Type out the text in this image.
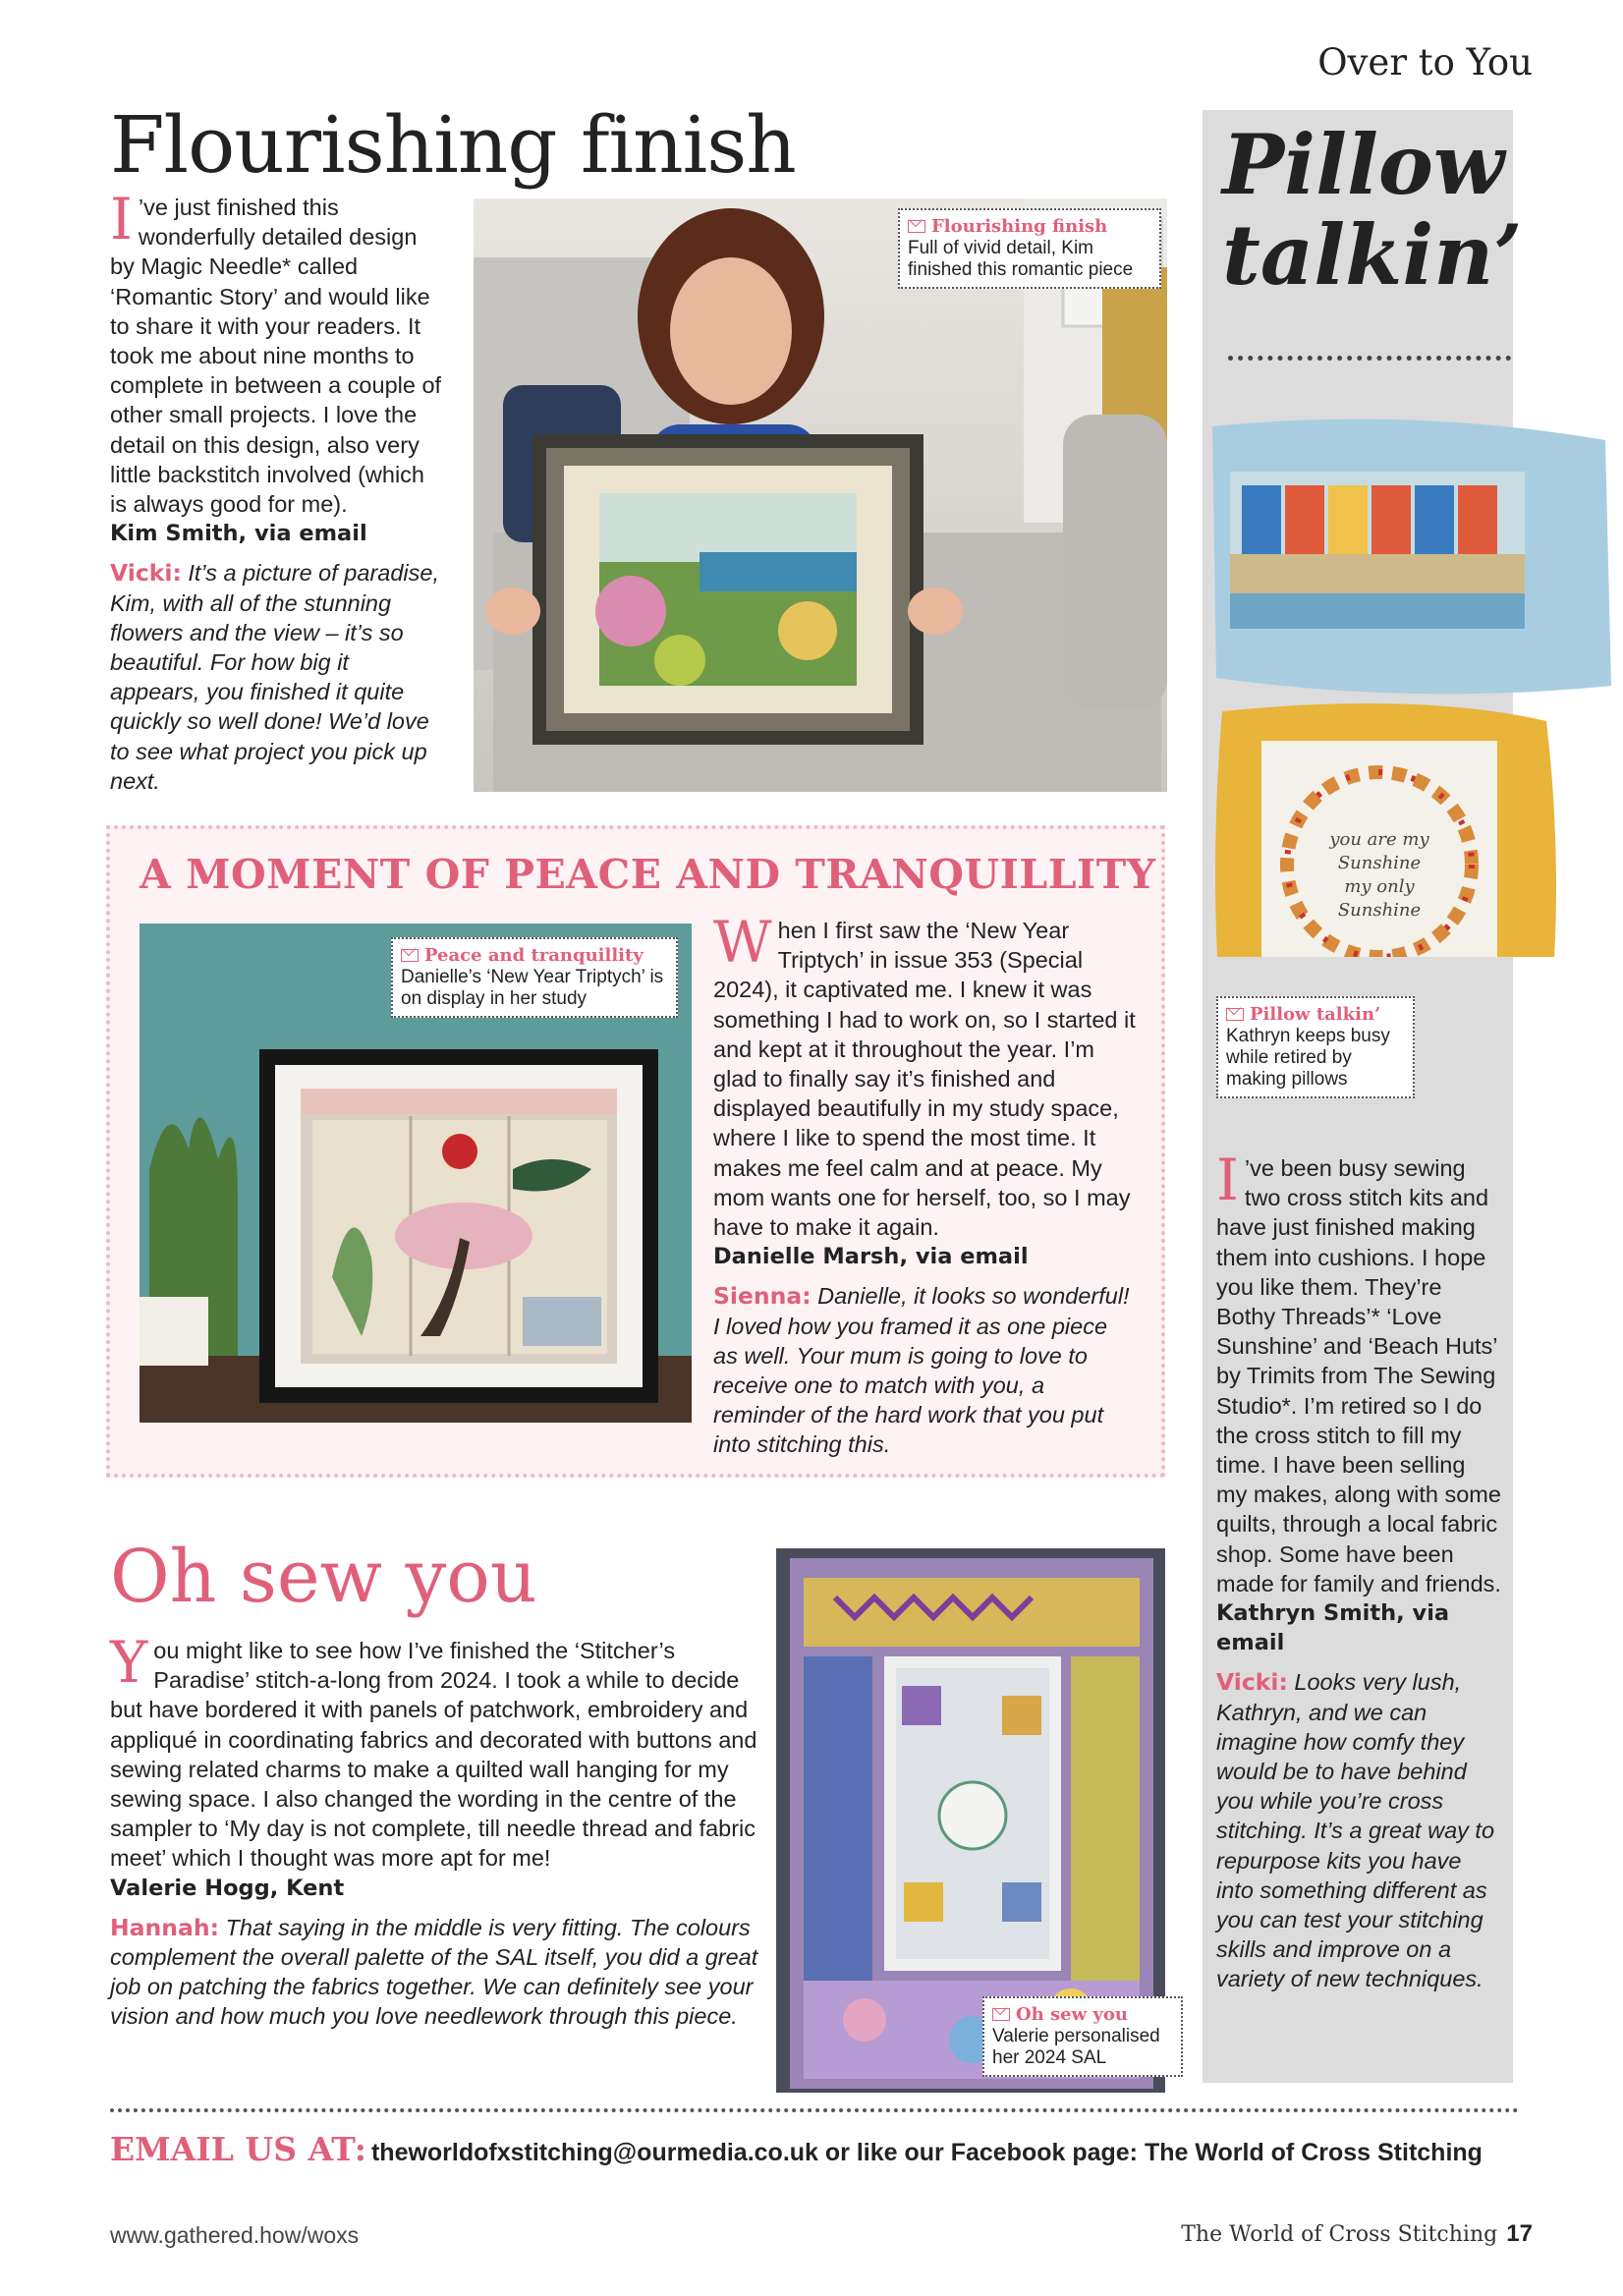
Over to You
Flourishing finish

I ’ve just finished this wonderfully detailed design by Magic Needle* called ‘Romantic Story’ and would like to share it with your readers. It took me about nine months to complete in between a couple of other small projects. I love the detail on this design, also very little backstitch involved (which is always good for me).

Kim Smith, via email

Vicki: It’s a picture of paradise, Kim, with all of the stunning flowers and the view – it’s so beautiful. For how big it appears, you finished it quite quickly so well done! We’d love to see what project you pick up next.

Flourishing finish
Full of vivid detail, Kim finished this romantic piece
A MOMENT OF PEACE AND TRANQUILLITY
Peace and tranquillity
Danielle’s ‘New Year Triptych’ is on display in her study

When I first saw the ‘New Year Triptych’ in issue 353 (Special 2024), it captivated me. I knew it was something I had to work on, so I started it and kept at it throughout the year. I’m glad to finally say it’s finished and displayed beautifully in my study space, where I like to spend the most time. It makes me feel calm and at peace. My mom wants one for herself, too, so I may have to make it again.

Danielle Marsh, via email

Sienna: Danielle, it looks so wonderful! I loved how you framed it as one piece as well. Your mum is going to love to receive one to match with you, a reminder of the hard work that you put into stitching this.

Oh sew you

You might like to see how I’ve finished the ‘Stitcher’s Paradise’ stitch-a-long from 2024. I took a while to decide but have bordered it with panels of patchwork, embroidery and appliqué in coordinating fabrics and decorated with buttons and sewing related charms to make a quilted wall hanging for my sewing space. I also changed the wording in the centre of the sampler to ‘My day is not complete, till needle thread and fabric meet’ which I thought was more apt for me!

Valerie Hogg, Kent

Hannah: That saying in the middle is very fitting. The colours complement the overall palette of the SAL itself, you did a great job on patching the fabrics together. We can definitely see your vision and how much you love needlework through this piece.	Oh sew you
Valerie personalised her 2024 SAL
Pillow
talkin’
you are my
Sunshine
my only
Sunshine
Pillow talkin’
Kathryn keeps busy while retired by making pillows

I ’ve been busy sewing two cross stitch kits and have just finished making them into cushions. I hope you like them. They’re Bothy Threads’* ‘Love Sunshine’ and ‘Beach Huts’ by Trimits from The Sewing Studio*. I’m retired so I do the cross stitch to fill my time. I have been selling my makes, along with some quilts, through a local fabric shop. Some have been made for family and friends.

Kathryn Smith, via email

Vicki: Looks very lush, Kathryn, and we can imagine how comfy they would be to have behind you while you’re cross stitching. It’s a great way to repurpose kits you have into something different as you can test your stitching skills and improve on a variety of new techniques.

EMAIL US AT: theworldofxstitching@ourmedia.co.uk or like our Facebook page: The World of Cross Stitching
www.gathered.how/woxs	The World of Cross Stitching 17
